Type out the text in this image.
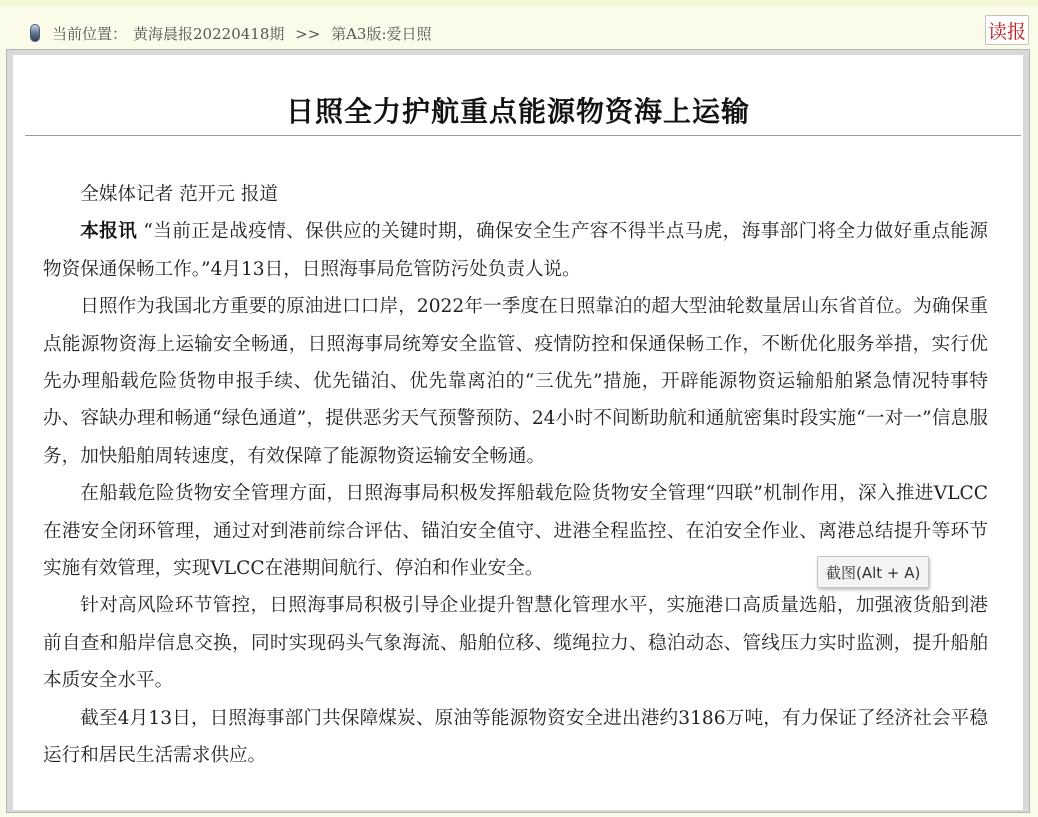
当前位置： 黄海晨报20220418期 >> 第A3版:爱日照	读报
日照全力护航重点能源物资海上运输

全媒体记者 范开元 报道

本报讯 “当前正是战疫情、保供应的关键时期，确保安全生产容不得半点马虎，海事部门将全力做好重点能源物资保通保畅工作。”4月13日，日照海事局危管防污处负责人说。

日照作为我国北方重要的原油进口口岸，2022年一季度在日照靠泊的超大型油轮数量居山东省首位。为确保重点能源物资海上运输安全畅通，日照海事局统筹安全监管、疫情防控和保通保畅工作，不断优化服务举措，实行优先办理船载危险货物申报手续、优先锚泊、优先靠离泊的“三优先”措施，开辟能源物资运输船舶紧急情况特事特办、容缺办理和畅通“绿色通道”，提供恶劣天气预警预防、24小时不间断助航和通航密集时段实施“一对一”信息服务，加快船舶周转速度，有效保障了能源物资运输安全畅通。

在船载危险货物安全管理方面，日照海事局积极发挥船载危险货物安全管理“四联”机制作用，深入推进VLCC在港安全闭环管理，通过对到港前综合评估、锚泊安全值守、进港全程监控、在泊安全作业、离港总结提升等环节实施有效管理，实现VLCC在港期间航行、停泊和作业安全。

针对高风险环节管控，日照海事局积极引导企业提升智慧化管理水平，实施港口高质量选船，加强液货船到港前自查和船岸信息交换，同时实现码头气象海流、船舶位移、缆绳拉力、稳泊动态、管线压力实时监测，提升船舶本质安全水平。

截至4月13日，日照海事部门共保障煤炭、原油等能源物资安全进出港约3186万吨，有力保证了经济社会平稳运行和居民生活需求供应。

截图(Alt + A)
